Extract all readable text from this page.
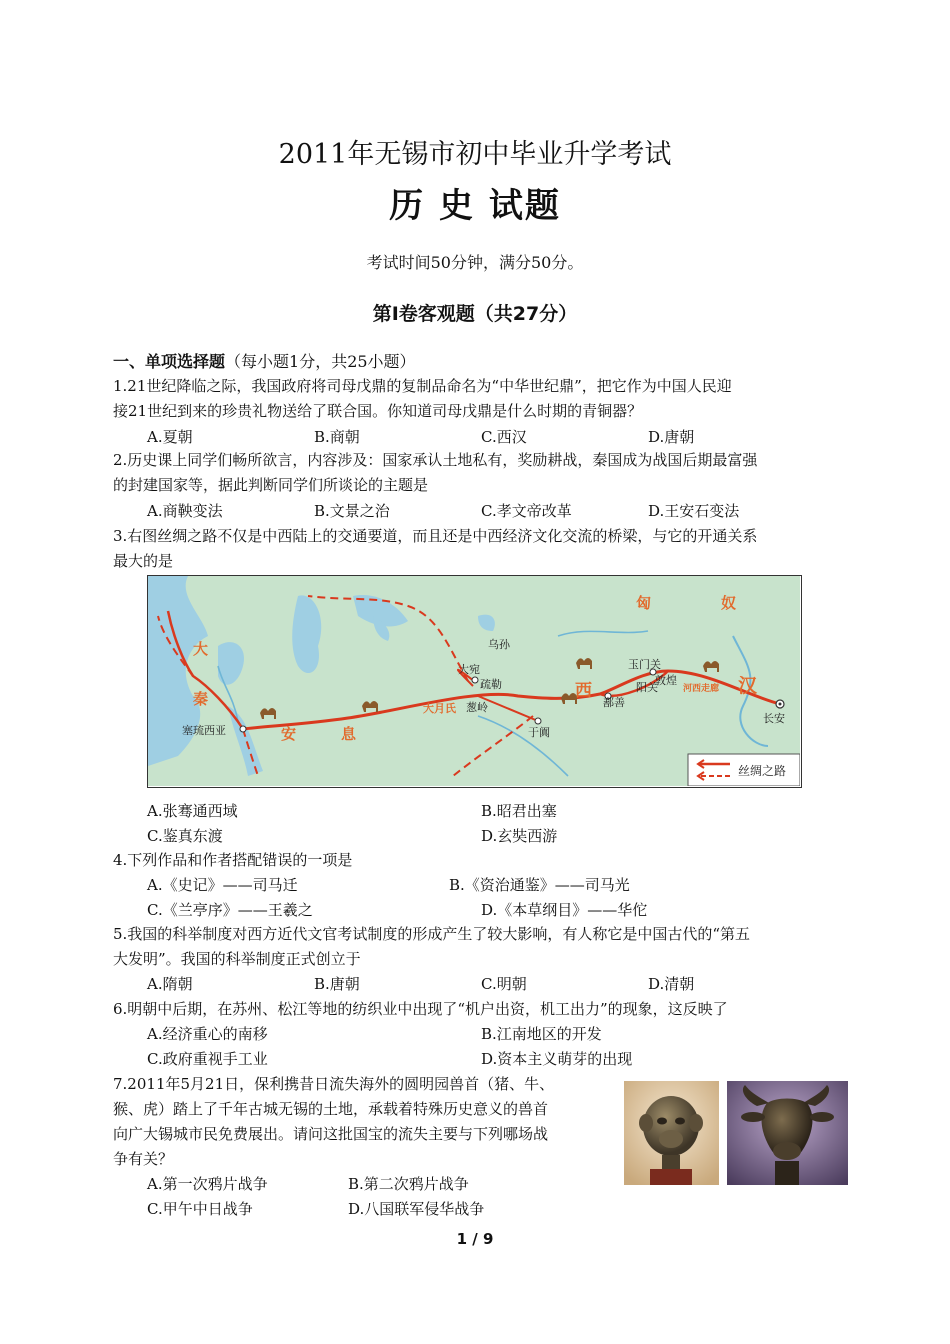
2011年无锡市初中毕业升学考试
历 史 试题
考试时间50分钟，满分50分。
第Ⅰ卷客观题（共27分）
一、单项选择题（每小题1分，共25小题）
1.21世纪降临之际，我国政府将司母戊鼎的复制品命名为“中华世纪鼎”，把它作为中国人民迎
接21世纪到来的珍贵礼物送给了联合国。你知道司母戊鼎是什么时期的青铜器？
A.夏朝	B.商朝	C.西汉	D.唐朝
2.历史课上同学们畅所欲言，内容涉及：国家承认土地私有，奖励耕战，秦国成为战国后期最富强
的封建国家等，据此判断同学们所谈论的主题是
A.商鞅变法	B.文景之治	C.孝文帝改革	D.王安石变法
3.右图丝绸之路不仅是中西陆上的交通要道，而且还是中西经济文化交流的桥梁，与它的开通关系
最大的是
匈	奴
汉
西
安	息
大
秦
大月氏
河西走廊
长安
玉门关
敦煌
阳关
鄯善
于阗
疏勒
葱岭
大宛
乌孙
塞琉西亚
丝绸之路
A.张骞通西域	B.昭君出塞
C.鉴真东渡	D.玄奘西游
4.下列作品和作者搭配错误的一项是
A.《史记》——司马迁	B.《资治通鉴》——司马光
C.《兰亭序》——王羲之	D.《本草纲目》——华佗
5.我国的科举制度对西方近代文官考试制度的形成产生了较大影响，有人称它是中国古代的“第五
大发明”。我国的科举制度正式创立于
A.隋朝	B.唐朝	C.明朝	D.清朝
6.明朝中后期，在苏州、松江等地的纺织业中出现了“机户出资，机工出力”的现象，这反映了
A.经济重心的南移	B.江南地区的开发
C.政府重视手工业	D.资本主义萌芽的出现
7.2011年5月21日，保利携昔日流失海外的圆明园兽首（猪、牛、
猴、虎）踏上了千年古城无锡的土地，承载着特殊历史意义的兽首
向广大锡城市民免费展出。请问这批国宝的流失主要与下列哪场战
争有关？
A.第一次鸦片战争	B.第二次鸦片战争
C.甲午中日战争	D.八国联军侵华战争
1 / 9
